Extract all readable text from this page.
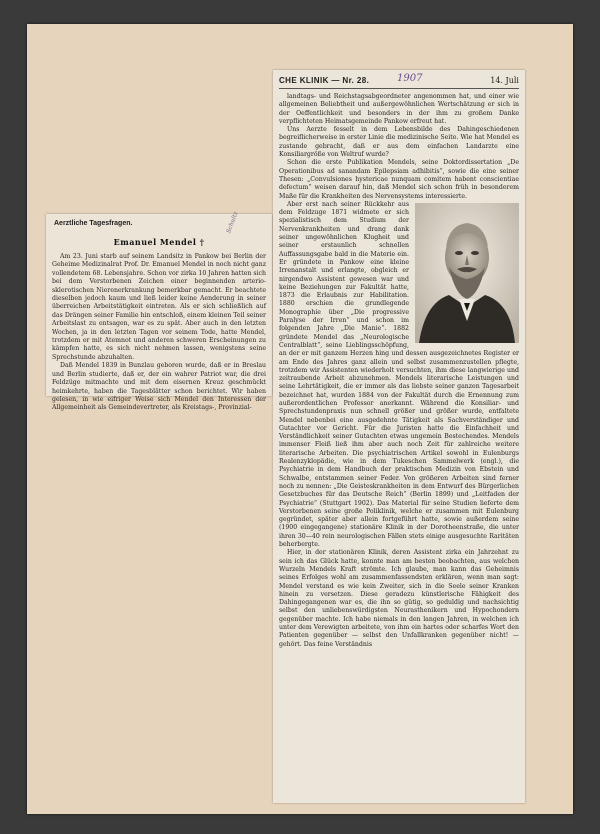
Aerztliche Tagesfragen.	Schultz
Emanuel Mendel †

Am 23. Juni starb auf seinem Landsitz in Pankow bei Berlin der Geheime Medizinalrat Prof. Dr. Emanuel Mendel in noch nicht ganz vollendetem 68. Lebensjahre. Schon vor zirka 10 Jahren hatten sich bei dem Verstorbenen Zeichen einer beginnenden arterio-sklerotischen Nierenerkrankung bemerkbar gemacht. Er beachtete dieselben jedoch kaum und ließ leider keine Aenderung in seiner überreichen Arbeitstätigkeit eintreten. Als er sich schließlich auf das Drängen seiner Familie hin entschloß, einem kleinen Teil seiner Arbeitslast zu entsagen, war es zu spät. Aber auch in den letzten Wochen, ja in den letzten Tagen vor seinem Tode, hatte Mendel, trotzdem er mit Atemnot und anderen schweren Erscheinungen zu kämpfen hatte, es sich nicht nehmen lassen, wenigstens seine Sprechstunde abzuhalten.

Daß Mendel 1839 in Bunzlau geboren wurde, daß er in Breslau und Berlin studierte, daß er, der ein wahrer Patriot war, die drei Feldzüge mitmachte und mit dem eisernen Kreuz geschmückt heimkehrte, haben die Tagesblätter schon berichtet. Wir haben gelesen, in wie eifriger Weise sich Mendel den Interessen der Allgemeinheit als Gemeindevertreter, als Kreistags-, Provinzial-

CHE KLINIK — Nr. 28.	1907	14. Juli

landtags- und Reichstagsabgeordneter angenommen hat, und einer wie allgemeinen Beliebtheit und außergewöhnlichen Wertschätzung er sich in der Oeffentlichkeit und besonders in der ihm zu großem Danke verpflichteten Heimatsgemeinde Pankow erfreut hat.

Uns Aerzte fesselt in dem Lebensbilde des Dahingeschiedenen begreiflicherweise in erster Linie die medizinische Seite. Wie hat Mendel es zustande gebracht, daß er aus dem einfachen Landarzte eine Konsiliargröße von Weltruf wurde?

Schon die erste Publikation Mendels, seine Doktordissertation „De Operationibus ad sanandam Epilepsiam adhibitis“, sowie die eine seiner Thesen: „Convulsiones hystericae nunquam comitem habent conscientiae defectum“ weisen darauf hin, daß Mendel sich schon früh in besonderem Maße für die Krankheiten des Nervensystems interessierte.

Aber erst nach seiner Rückkehr aus dem Feldzuge 1871 widmete er sich spezialistisch dem Studium der Nervenkrankheiten und drang dank seiner ungewöhnlichen Klugheit und seiner erstaunlich schnellen Auffassungsgabe bald in die Materie ein. Er gründete in Pankow eine kleine Irrenanstalt und erlangte, obgleich er nirgendwo Assistent gewesen war und keine Beziehungen zur Fakultät hatte, 1873 die Erlaubnis zur Habilitation. 1880 erschien die grundlegende Monographie über „Die progressive Paralyse der Irren“ und schon im folgenden Jahre „Die Manie“. 1882 gründete Mendel das „Neurologische Centralblatt“, seine Lieblingsschöpfung, an der er mit ganzem Herzen hing und dessen ausgezeichnetes Register er am Ende des Jahres ganz allein und selbst zusammenzustellen pflegte, trotzdem wir Assistenten wiederholt versuchten, ihm diese langwierige und zeitraubende Arbeit abzunehmen. Mendels literarische Leistungen und seine Lehrtätigkeit, die er immer als das liebste seiner ganzen Tagesarbeit bezeichnet hat, wurden 1884 von der Fakultät durch die Ernennung zum außerordentlichen Professor anerkannt. Während die Konsiliar- und Sprechstundenpraxis nun schnell größer und größer wurde, entfaltete Mendel nebenbei eine ausgedehnte Tätigkeit als Sachverständiger und Gutachter vor Gericht. Für die Juristen hatte die Einfachheit und Verständlichkeit seiner Gutachten etwas ungemein Bestechendes. Mendels immenser Fleiß ließ ihm aber auch noch Zeit für zahlreiche weitere literarische Arbeiten. Die psychiatrischen Artikel sowohl in Eulenburgs Realenzyklopädie, wie in dem Tukeschen Sammelwerk (engl.), die Psychiatrie in dem Handbuch der praktischen Medizin von Ebstein und Schwalbe, entstammen seiner Feder. Von größeren Arbeiten sind ferner noch zu nennen: „Die Geisteskrankheiten in dem Entwurf des Bürgerlichen Gesetzbuches für das Deutsche Reich“ (Berlin 1899) und „Leitfaden der Psychiatrie“ (Stuttgart 1902). Das Material für seine Studien lieferte dem Verstorbenen seine große Poliklinik, welche er zusammen mit Eulenburg gegründet, später aber allein fortgeführt hatte, sowie außerdem seine (1900 eingegangene) stationäre Klinik in der Dorotheenstraße, die unter ihren 30—40 rein neurologischen Fällen stets einige ausgesuchte Raritäten beherbergte.

Hier, in der stationären Klinik, deren Assistent zirka ein Jahrzehnt zu sein ich das Glück hatte, konnte man am besten beobachten, aus welchen Wurzeln Mendels Kraft strömte. Ich glaube, man kann das Geheimnis seines Erfolges wohl am zusammenfassendsten erklären, wenn man sagt: Mendel verstand es wie kein Zweiter, sich in die Seele seiner Kranken hinein zu versetzen. Diese geradezu künstlerische Fähigkeit des Dahingegangenen war es, die ihn so gütig, so geduldig und nachsichtig selbst den unliebenswürdigsten Neurasthenikern und Hypochondern gegenüber machte. Ich habe niemals in den langen Jahren, in welchen ich unter dem Verewigten arbeitete, von ihm ein hartes oder scharfes Wort den Patienten gegenüber — selbst den Unfallkranken gegenüber nicht! — gehört. Das feine Verständnis
